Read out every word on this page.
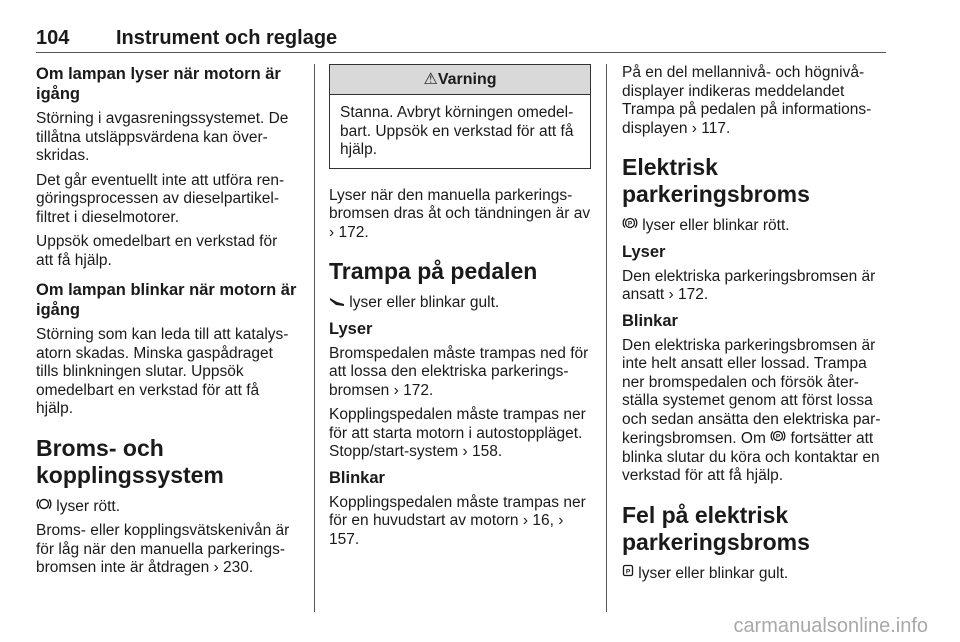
104 Instrument och reglage
Om lampan lyser när motorn är igång

Störning i avgasreningssystemet. De tillåtna utsläppsvärdena kan överskridas.

Det går eventuellt inte att utföra rengöringsprocessen av dieselpartikelfiltret i dieselmotorer.

Uppsök omedelbart en verkstad för att få hjälp.

Om lampan blinkar när motorn är igång

Störning som kan leda till att katalysatorn skadas. Minska gaspådraget tills blinkningen slutar. Uppsök omedelbart en verkstad för att få hjälp.

Broms- och kopplingssystem

lyser rött.

Broms- eller kopplingsvätskenivån är för låg när den manuella parkeringsbromsen inte är åtdragen › 230.

⚠Varning
Stanna. Avbryt körningen omedelbart. Uppsök en verkstad för att få hjälp.

Lyser när den manuella parkeringsbromsen dras åt och tändningen är av › 172.

Trampa på pedalen

lyser eller blinkar gult.

Lyser

Bromspedalen måste trampas ned för att lossa den elektriska parkeringsbromsen › 172.

Kopplingspedalen måste trampas ner för att starta motorn i autostoppläget. Stopp/start-system › 158.

Blinkar

Kopplingspedalen måste trampas ner för en huvudstart av motorn › 16, › 157.

På en del mellannivå- och högnivådisplayer indikeras meddelandet Trampa på pedalen på informationsdisplayen › 117.

Elektrisk parkeringsbroms

P lyser eller blinkar rött.

Lyser

Den elektriska parkeringsbromsen är ansatt › 172.

Blinkar

Den elektriska parkeringsbromsen är inte helt ansatt eller lossad. Trampa ner bromspedalen och försök återställa systemet genom att först lossa och sedan ansätta den elektriska parkeringsbromsen. Om P fortsätter att blinka slutar du köra och kontaktar en verkstad för att få hjälp.

Fel på elektrisk parkeringsbroms

P lyser eller blinkar gult.

carmanualsonline.info
